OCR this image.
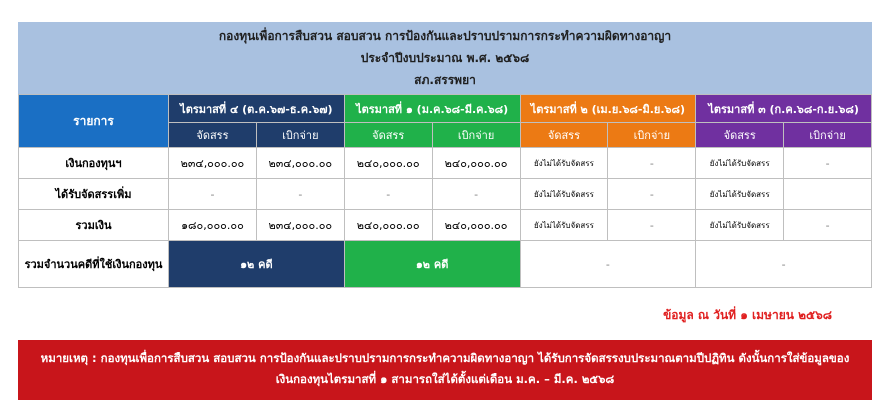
กองทุนเพื่อการสืบสวน สอบสวน การป้องกันและปราบปรามการกระทำความผิดทางอาญา
ประจำปีงบประมาณ พ.ศ. ๒๕๖๘
สภ.สรรพยา
รายการ	ไตรมาสที่ ๔ (ต.ค.๖๗-ธ.ค.๖๗)		ไตรมาสที่ ๑ (ม.ค.๖๘-มี.ค.๖๘)		ไตรมาสที่ ๒ (เม.ย.๖๘-มิ.ย.๖๘)		ไตรมาสที่ ๓ (ก.ค.๖๘-ก.ย.๖๘)	
	จัดสรร	เบิกจ่าย	จัดสรร	เบิกจ่าย	จัดสรร	เบิกจ่าย	จัดสรร	เบิกจ่าย
เงินกองทุนฯ	๒๓๔,๐๐๐.๐๐	๒๓๔,๐๐๐.๐๐	๒๔๐,๐๐๐.๐๐	๒๔๐,๐๐๐.๐๐	ยังไม่ได้รับจัดสรร	-	ยังไม่ได้รับจัดสรร	-
ได้รับจัดสรรเพิ่ม	-	-	-	-	ยังไม่ได้รับจัดสรร	-	ยังไม่ได้รับจัดสรร	
รวมเงิน	๑๘๐,๐๐๐.๐๐	๒๓๔,๐๐๐.๐๐	๒๔๐,๐๐๐.๐๐	๒๔๐,๐๐๐.๐๐	ยังไม่ได้รับจัดสรร	-	ยังไม่ได้รับจัดสรร	-
รวมจำนวนคดีที่ใช้เงินกองทุน	๑๒ คดี		๑๒ คดี		-		-	
ข้อมูล ณ วันที่ ๑ เมษายน ๒๕๖๘
หมายเหตุ : กองทุนเพื่อการสืบสวน สอบสวน การป้องกันและปราบปรามการกระทำความผิดทางอาญา ได้รับการจัดสรรงบประมาณตามปีปฏิทิน ดังนั้นการใส่ข้อมูลของ
เงินกองทุนไตรมาสที่ ๑ สามารถใส่ได้ตั้งแต่เดือน ม.ค. – มี.ค. ๒๕๖๘
